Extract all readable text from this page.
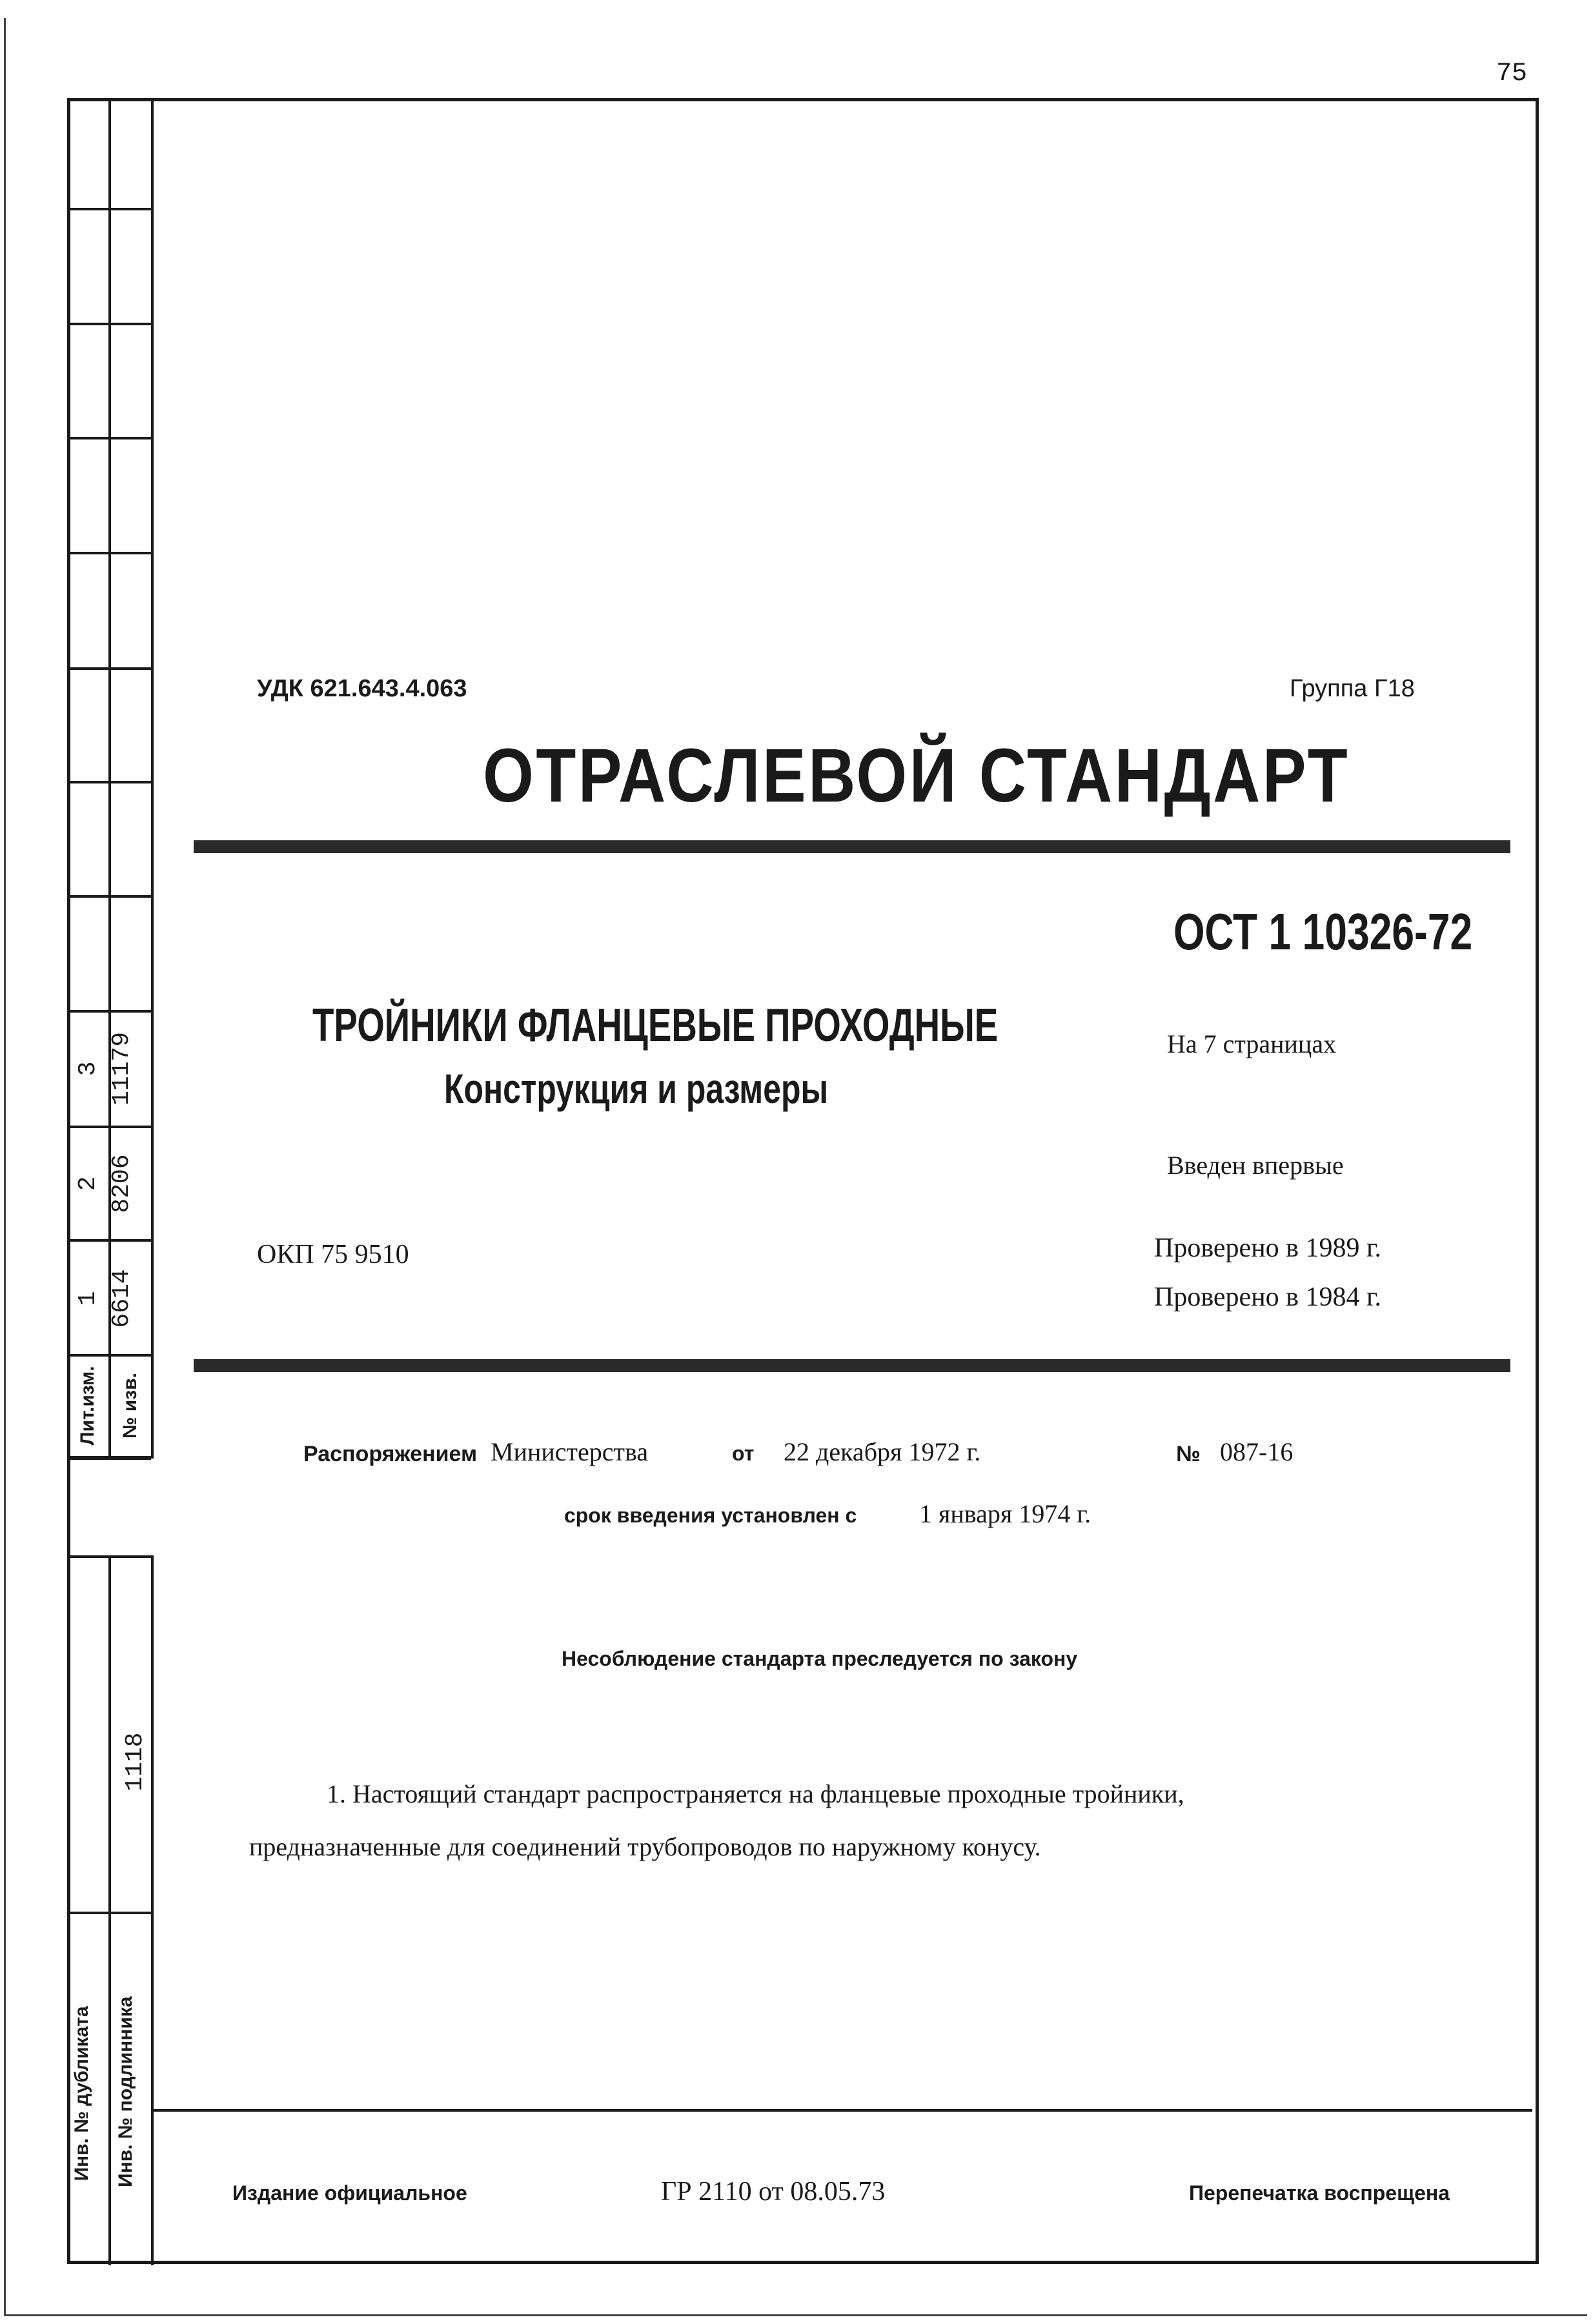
75
3 11179
2 8206
1 6614
Лит.изм. № изв.
1118
Инв. № дубликата Инв. № подлинника
УДК 621.643.4.063	Группа Г18
ОТРАСЛЕВОЙ СТАНДАРТ
ОСТ 1 10326-72
ТРОЙНИКИ ФЛАНЦЕВЫЕ ПРОХОДНЫЕ
Конструкция и размеры
На 7 страницах
Введен впервые
ОКП 75 9510	Проверено в 1989 г.
Проверено в 1984 г.
Распоряжением Министерства	от 22 декабря 1972 г.	№ 087-16
срок введения установлен с 1 января 1974 г.
Несоблюдение стандарта преследуется по закону
1. Настоящий стандарт распространяется на фланцевые проходные тройники,
предназначенные для соединений трубопроводов по наружному конусу.
Издание официальное	ГР 2110 от 08.05.73	Перепечатка воспрещена
